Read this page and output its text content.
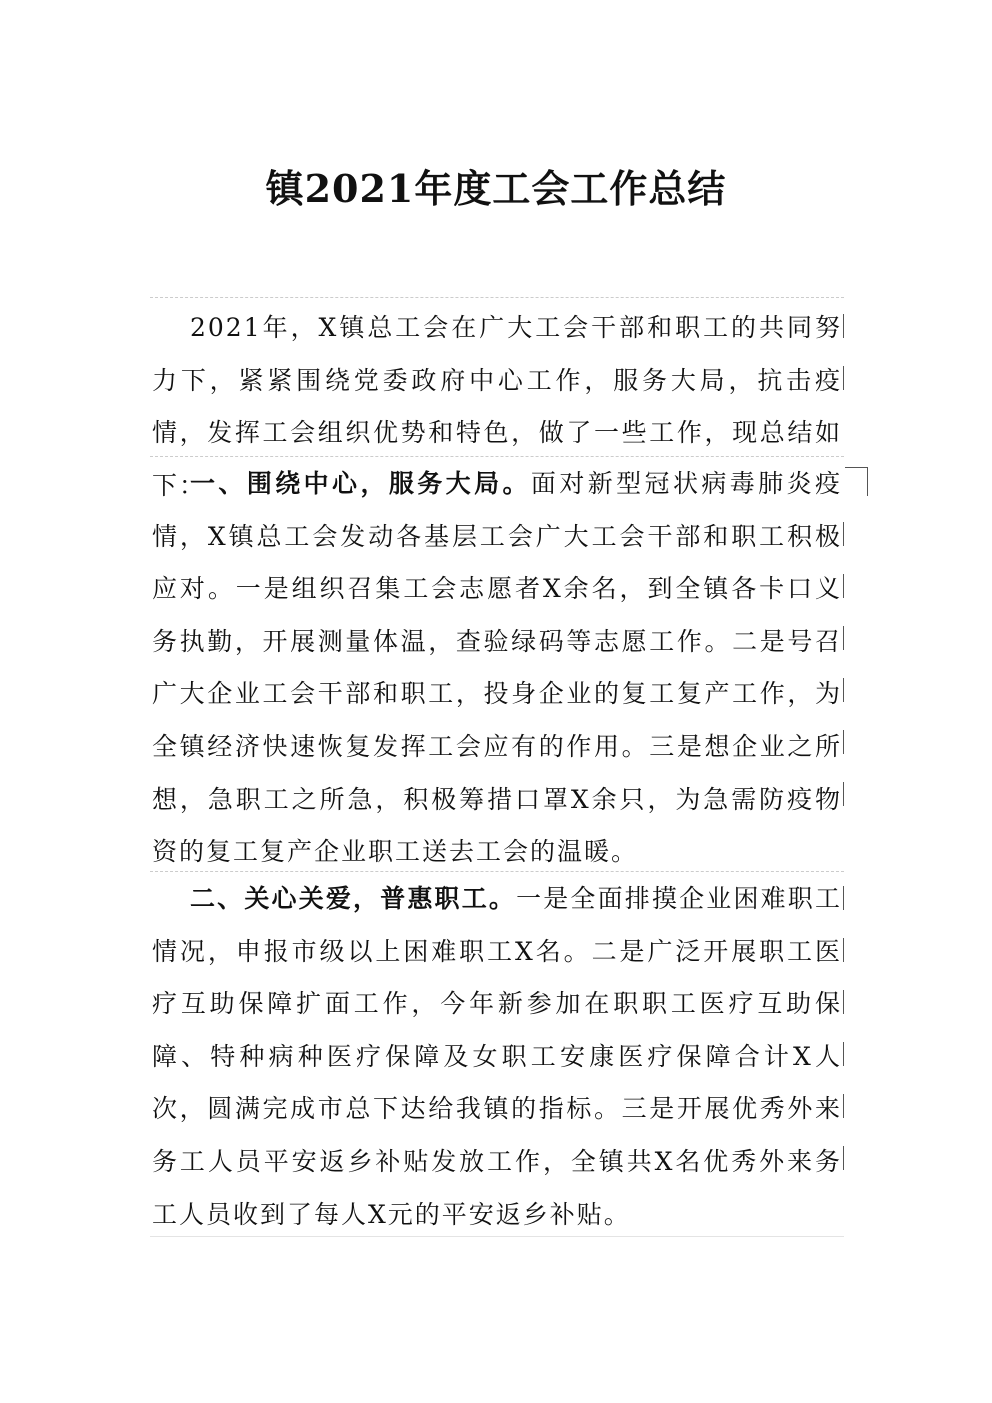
镇2021年度工会工作总结

2021年，X镇总工会在广大工会干部和职工的共同努力下，紧紧围绕党委政府中心工作，服务大局，抗击疫情，发挥工会组织优势和特色，做了一些工作，现总结如下：

一、围绕中心，服务大局。面对新型冠状病毒肺炎疫情，X镇总工会发动各基层工会广大工会干部和职工积极应对。一是组织召集工会志愿者X余名，到全镇各卡口义务执勤，开展测量体温，查验绿码等志愿工作。二是号召广大企业工会干部和职工，投身企业的复工复产工作，为全镇经济快速恢复发挥工会应有的作用。三是想企业之所想，急职工之所急，积极筹措口罩X余只，为急需防疫物资的复工复产企业职工送去工会的温暖。

二、关心关爱，普惠职工。一是全面排摸企业困难职工情况，申报市级以上困难职工X名。二是广泛开展职工医疗互助保障扩面工作，今年新参加在职职工医疗互助保障、特种病种医疗保障及女职工安康医疗保障合计X人次，圆满完成市总下达给我镇的指标。三是开展优秀外来务工人员平安返乡补贴发放工作，全镇共X名优秀外来务工人员收到了每人X元的平安返乡补贴。
